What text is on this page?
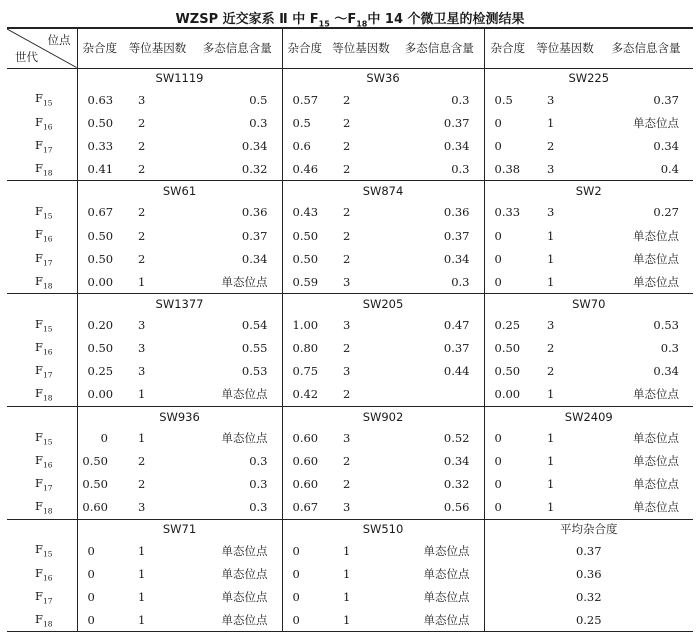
WZSP 近交家系 Ⅱ 中 $F_{15}$ $\sim F_{18}$中 14 个微卫星的检测结果
位点
世代	杂合度	等位基因数	多态信息含量	杂合度	等位基因数	多态信息含量	杂合度	等位基因数	多态信息含量
	SW1119			SW36			SW225		
$F_{15}$	0.63	3	0.5	0.57	2	0.3	0.5	3	0.37
$F_{16}$	0.50	2	0.3	0.5	2	0.37	0	1	单态位点
$F_{17}$	0.33	2	0.34	0.6	2	0.34	0	2	0.34
$F_{18}$	0.41	2	0.32	0.46	2	0.3	0.38	3	0.4
	SW61			SW874			SW2		
$F_{15}$	0.67	2	0.36	0.43	2	0.36	0.33	3	0.27
$F_{16}$	0.50	2	0.37	0.50	2	0.37	0	1	单态位点
$F_{17}$	0.50	2	0.34	0.50	2	0.34	0	1	单态位点
$F_{18}$	0.00	1	单态位点	0.59	3	0.3	0	1	单态位点
	SW1377			SW205			SW70		
$F_{15}$	0.20	3	0.54	1.00	3	0.47	0.25	3	0.53
$F_{16}$	0.50	3	0.55	0.80	2	0.37	0.50	2	0.3
$F_{17}$	0.25	3	0.53	0.75	3	0.44	0.50	2	0.34
$F_{18}$	0.00	1	单态位点	0.42	2		0.00	1	单态位点
	SW936			SW902			SW2409		
$F_{15}$	0	1	单态位点	0.60	3	0.52	0	1	单态位点
$F_{16}$	0.50	2	0.3	0.60	2	0.34	0	1	单态位点
$F_{17}$	0.50	2	0.3	0.60	2	0.32	0	1	单态位点
$F_{18}$	0.60	3	0.3	0.67	3	0.56	0	1	单态位点
	SW71			SW510			平均杂合度		
$F_{15}$	0	1	单态位点	0	1	单态位点	0.37		
$F_{16}$	0	1	单态位点	0	1	单态位点	0.36		
$F_{17}$	0	1	单态位点	0	1	单态位点	0.32		
$F_{18}$	0	1	单态位点	0	1	单态位点	0.25		
